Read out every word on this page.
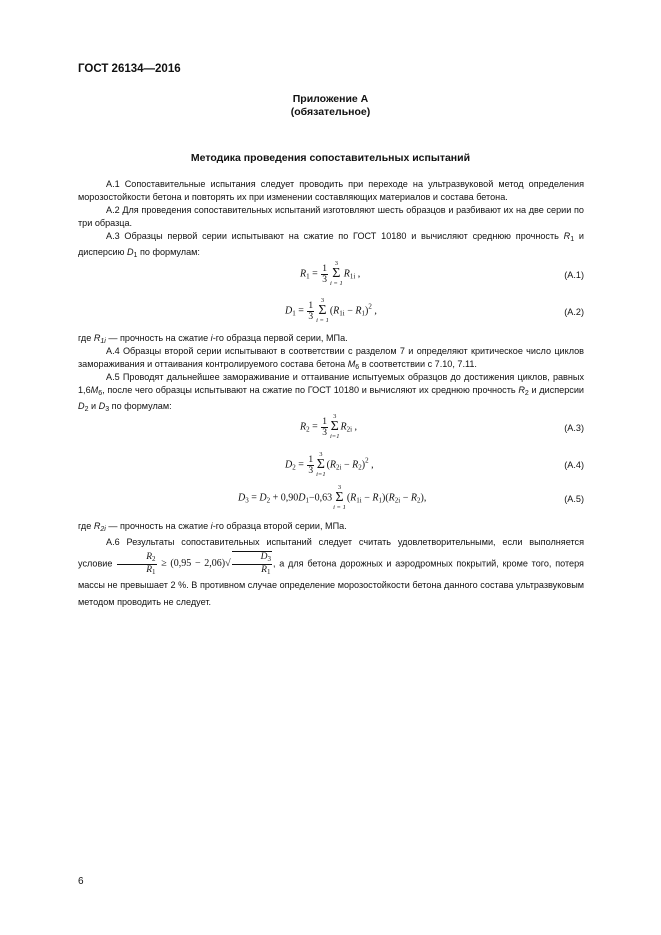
ГОСТ 26134—2016
Приложение А
(обязательное)
Методика проведения сопоставительных испытаний
А.1 Сопоставительные испытания следует проводить при переходе на ультразвуковой метод определения морозостойкости бетона и повторять их при изменении составляющих материалов и состава бетона.
А.2 Для проведения сопоставительных испытаний изготовляют шесть образцов и разбивают их на две серии по три образца.
А.3 Образцы первой серии испытывают на сжатие по ГОСТ 10180 и вычисляют среднюю прочность $R_1$ и дисперсию $D_1$ по формулам:
$R_1 = \frac{1}{3}$	3
Σ
i = 1
$R_{1i}$ ,	(А.1)
$D_1 = \frac{1}{3}$	3
Σ
i = 1
$(R_{1i} - R_1)^2$ ,	(А.2)
где $R_{1i}$ — прочность на сжатие i-го образца первой серии, МПа.
А.4 Образцы второй серии испытывают в соответствии с разделом 7 и определяют критическое число циклов замораживания и оттаивания контролируемого состава бетона $M_6$ в соответствии с 7.10, 7.11.
А.5 Проводят дальнейшее замораживание и оттаивание испытуемых образцов до достижения циклов, равных $1,6M_6$, после чего образцы испытывают на сжатие по ГОСТ 10180 и вычисляют их среднюю прочность $R_2$ и дисперсии $D_2$ и $D_3$ по формулам:
$R_2 = \frac{1}{3} 3$
Σ
i=1
$R_{2i}$ ,	(А.3)
$D_2 = \frac{1}{3} 3$
Σ
i=1
$(R_{2i} - R_2)^2$ ,	(А.4)
$D_3 = D_2 + 0,90D_1-0,63$
3
Σ
i = 1
$(R_{1i} - R_1)(R_{2i} - R_2)$,	(А.5)
где $R_{2i}$ — прочность на сжатие i-го образца второй серии, МПа.
А.6 Результаты сопоставительных испытаний следует считать удовлетворительными, если выполняется условие $\frac{R_2}{R_1} \ge (0,95 - 2,06)√ \frac{D_3}{R_1}$ , а для бетона дорожных и аэродромных покрытий, кроме того, потеря массы не превышает 2 %. В противном случае определение морозостойкости бетона данного состава ультразвуковым методом проводить не следует.
6
